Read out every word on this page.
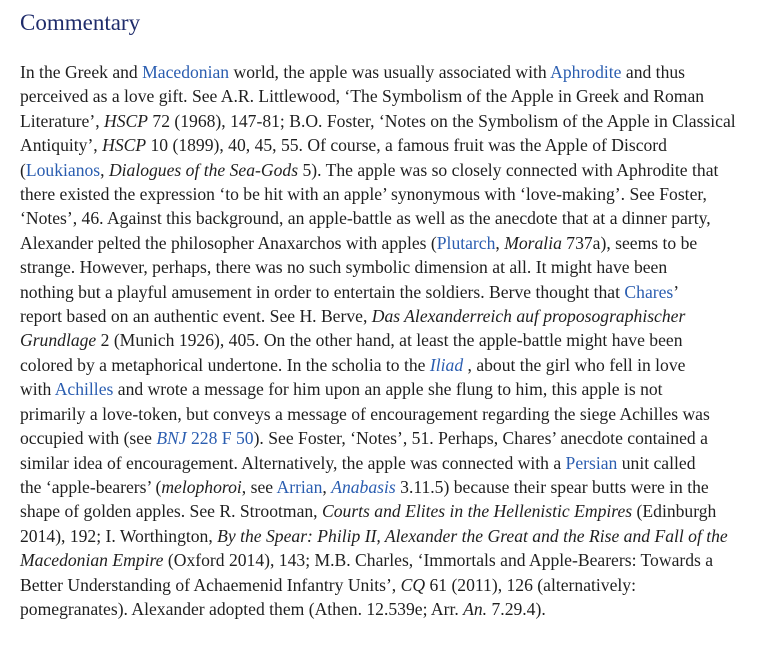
Commentary

In the Greek and Macedonian world, the apple was usually associated with Aphrodite and thus
perceived as a love gift. See A.R. Littlewood, ‘The Symbolism of the Apple in Greek and Roman
Literature’, HSCP 72 (1968), 147-81; B.O. Foster, ‘Notes on the Symbolism of the Apple in Classical
Antiquity’, HSCP 10 (1899), 40, 45, 55. Of course, a famous fruit was the Apple of Discord
(Loukianos, Dialogues of the Sea-Gods 5). The apple was so closely connected with Aphrodite that
there existed the expression ‘to be hit with an apple’ synonymous with ‘love-making’. See Foster,
‘Notes’, 46. Against this background, an apple-battle as well as the anecdote that at a dinner party,
Alexander pelted the philosopher Anaxarchos with apples (Plutarch, Moralia 737a), seems to be
strange. However, perhaps, there was no such symbolic dimension at all. It might have been
nothing but a playful amusement in order to entertain the soldiers. Berve thought that Chares’
report based on an authentic event. See H. Berve, Das Alexanderreich auf proposographischer
Grundlage 2 (Munich 1926), 405. On the other hand, at least the apple-battle might have been
colored by a metaphorical undertone. In the scholia to the Iliad , about the girl who fell in love
with Achilles and wrote a message for him upon an apple she flung to him, this apple is not
primarily a love-token, but conveys a message of encouragement regarding the siege Achilles was
occupied with (see BNJ 228 F 50). See Foster, ‘Notes’, 51. Perhaps, Chares’ anecdote contained a
similar idea of encouragement. Alternatively, the apple was connected with a Persian unit called
the ‘apple-bearers’ (melophoroi, see Arrian, Anabasis 3.11.5) because their spear butts were in the
shape of golden apples. See R. Strootman, Courts and Elites in the Hellenistic Empires (Edinburgh
2014), 192; I. Worthington, By the Spear: Philip II, Alexander the Great and the Rise and Fall of the
Macedonian Empire (Oxford 2014), 143; M.B. Charles, ‘Immortals and Apple-Bearers: Towards a
Better Understanding of Achaemenid Infantry Units’, CQ 61 (2011), 126 (alternatively:
pomegranates). Alexander adopted them (Athen. 12.539e; Arr. An. 7.29.4).
